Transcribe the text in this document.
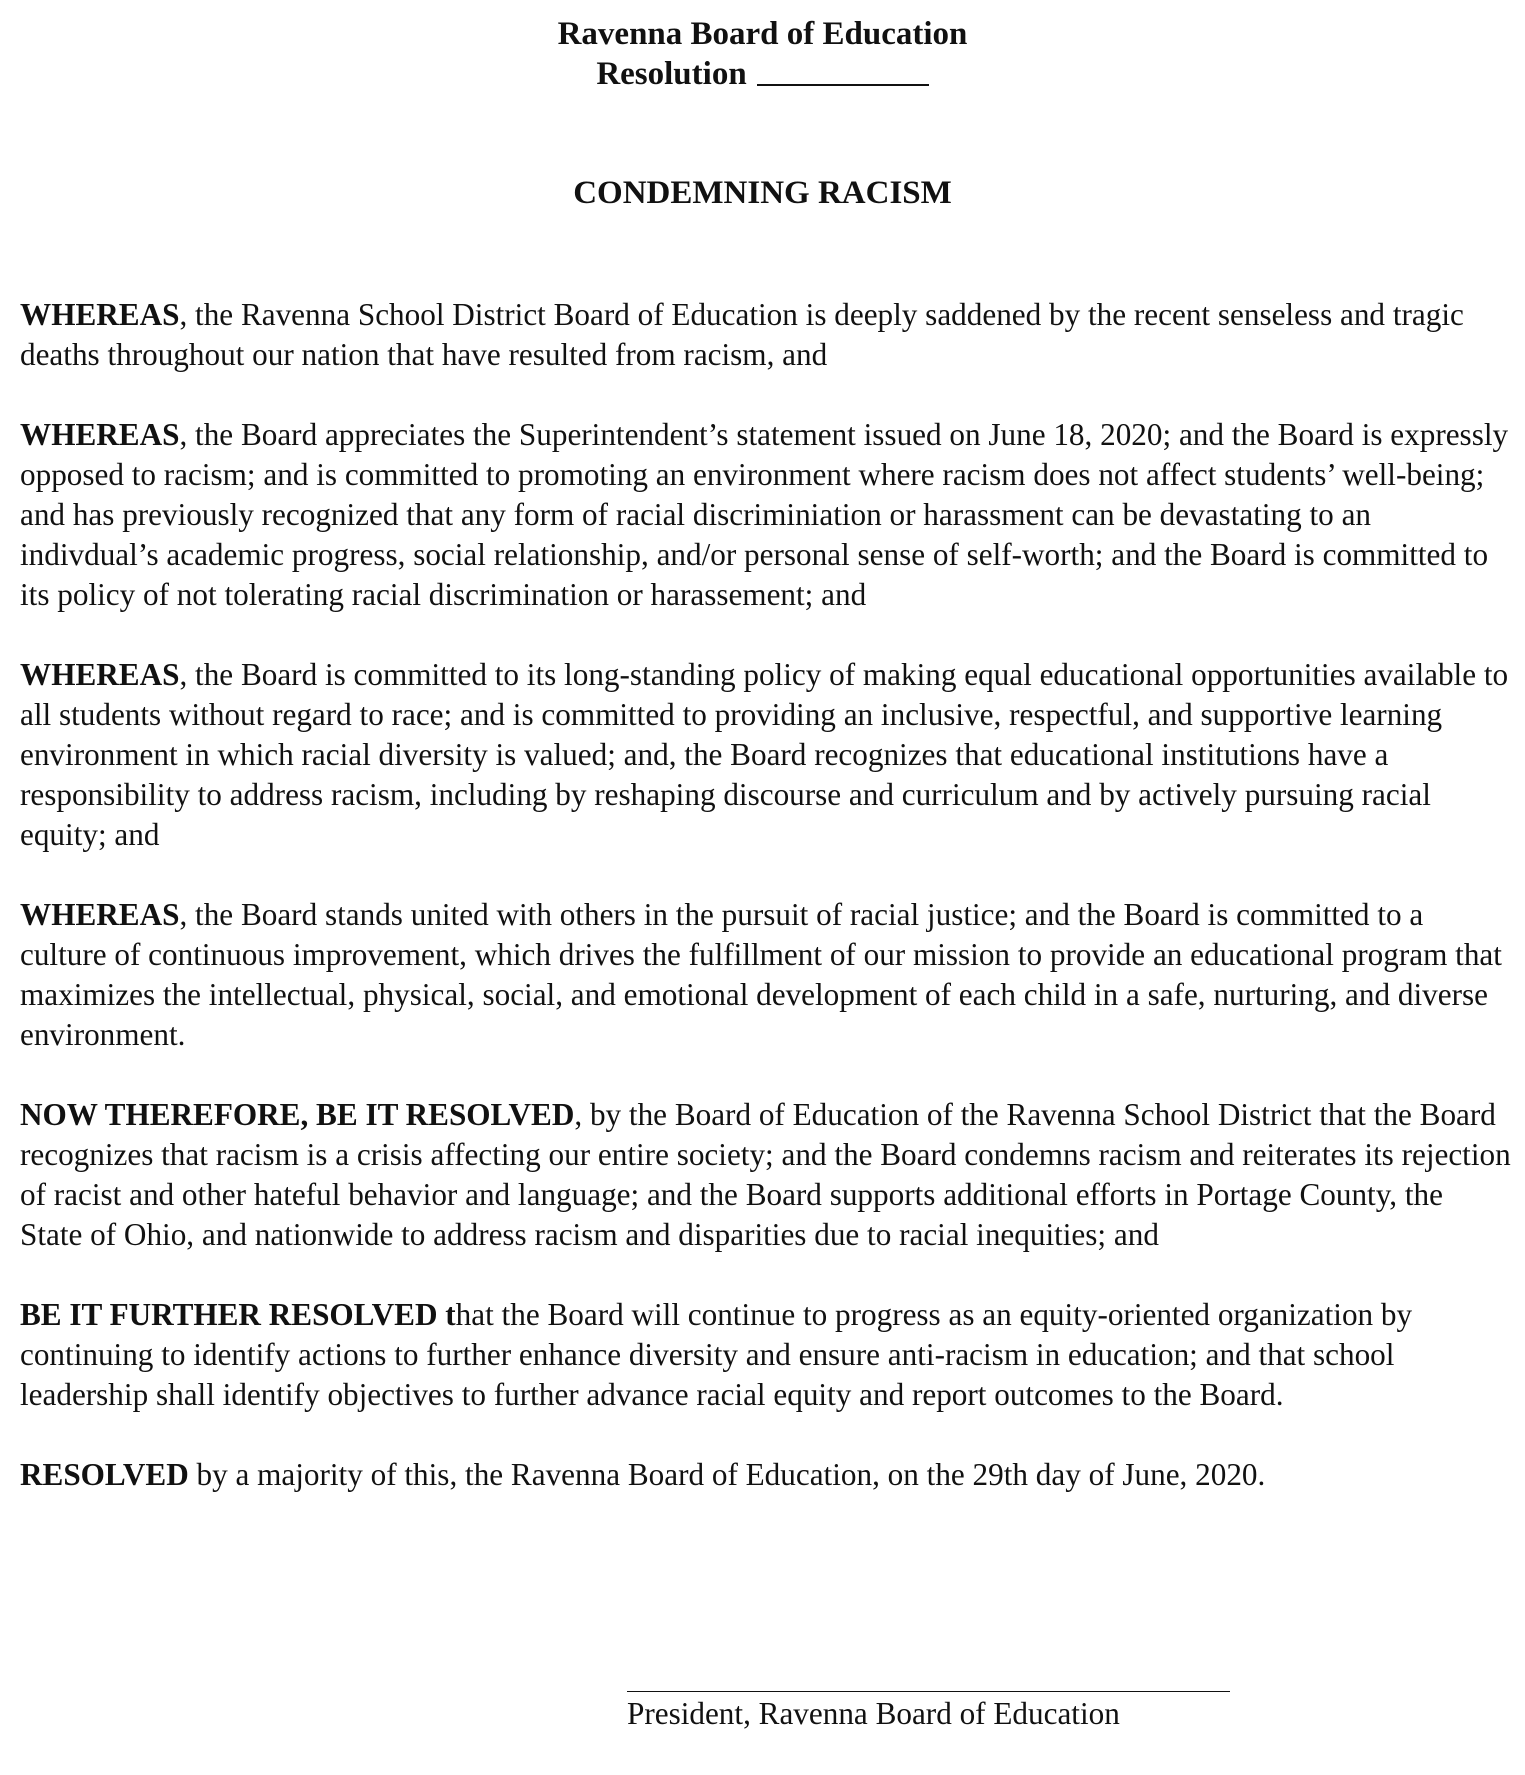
Ravenna Board of Education
Resolution
CONDEMNING RACISM

WHEREAS, the Ravenna School District Board of Education is deeply saddened by the recent senseless and tragic deaths throughout our nation that have resulted from racism, and

WHEREAS, the Board appreciates the Superintendent’s statement issued on June 18, 2020; and the Board is expressly opposed to racism; and is committed to promoting an environment where racism does not affect students’ well-being; and has previously recognized that any form of racial discriminiation or harassment can be devastating to an indivdual’s academic progress, social relationship, and/or personal sense of self-worth; and the Board is committed to its policy of not tolerating racial discrimination or harassement; and

WHEREAS, the Board is committed to its long-standing policy of making equal educational opportunities available to all students without regard to race; and is committed to providing an inclusive, respectful, and supportive learning environment in which racial diversity is valued; and, the Board recognizes that educational institutions have a responsibility to address racism, including by reshaping discourse and curriculum and by actively pursuing racial equity; and

WHEREAS, the Board stands united with others in the pursuit of racial justice; and the Board is committed to a culture of continuous improvement, which drives the fulfillment of our mission to provide an educational program that maximizes the intellectual, physical, social, and emotional development of each child in a safe, nurturing, and diverse environment.

NOW THEREFORE, BE IT RESOLVED, by the Board of Education of the Ravenna School District that the Board recognizes that racism is a crisis affecting our entire society; and the Board condemns racism and reiterates its rejection of racist and other hateful behavior and language; and the Board supports additional efforts in Portage County, the State of Ohio, and nationwide to address racism and disparities due to racial inequities; and

BE IT FURTHER RESOLVED that the Board will continue to progress as an equity-oriented organization by continuing to identify actions to further enhance diversity and ensure anti-racism in education; and that school leadership shall identify objectives to further advance racial equity and report outcomes to the Board.

RESOLVED by a majority of this, the Ravenna Board of Education, on the 29th day of June, 2020.

President, Ravenna Board of Education
